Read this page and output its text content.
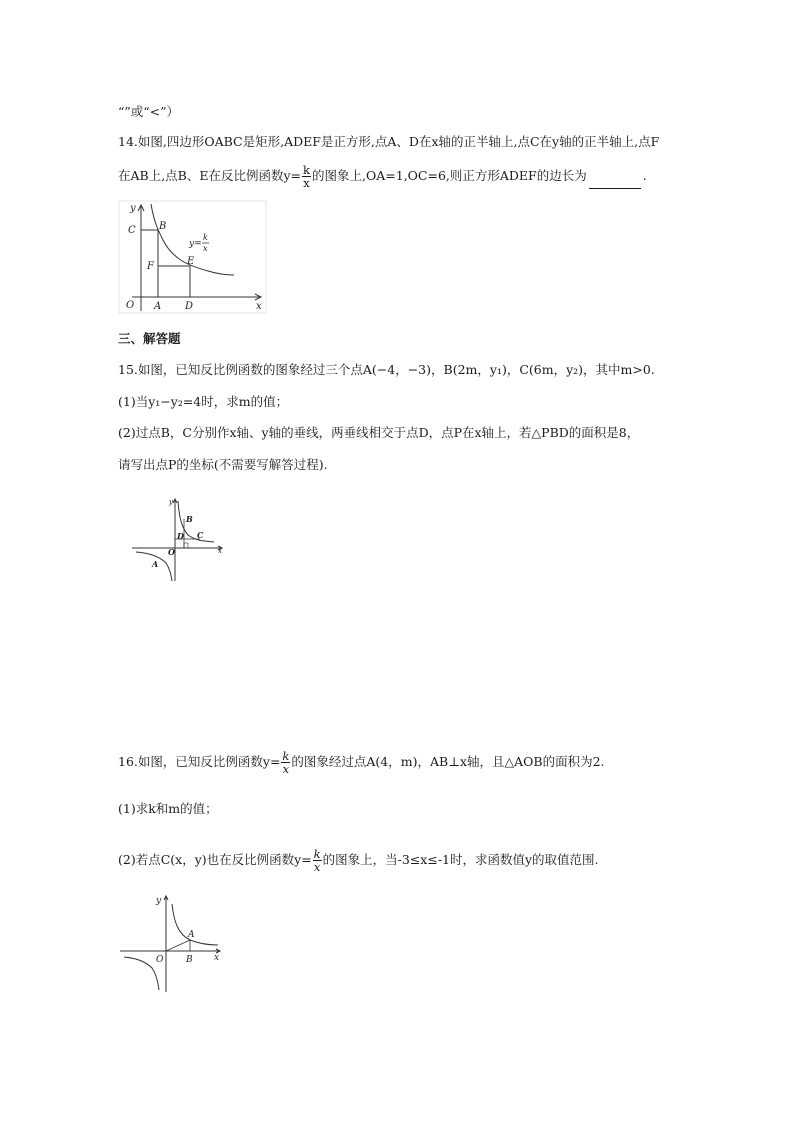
“”或“<”）
14.如图,四边形OABC是矩形,ADEF是正方形,点A、D在x轴的正半轴上,点C在y轴的正半轴上,点F
在AB上,点B、E在反比例函数$y= \frac{k}{x}$ 的图象上,OA=1,OC=6,则正方形ADEF的边长为	.
y
x
O
C B
F	E
A D
y=
k
x
三、解答题
15.如图，已知反比例函数的图象经过三个点A(−4，−3)，B(2m，y₁)，C(6m，y₂)，其中m>0.
(1)当y₁−y₂=4时，求m的值；
(2)过点B，C分别作x轴、y轴的垂线，两垂线相交于点D，点P在x轴上，若△PBD的面积是8，
请写出点P的坐标(不需要写解答过程).
y
x
O
A
B
C
D
16.如图，已知反比例函数$y= \frac{k}{x}$ 的图象经过点A(4，m)，AB⊥x轴，且△AOB的面积为2.
(1)求k和m的值；
(2)若点C(x，y)也在反比例函数$y= \frac{k}{x}$ 的图象上，当-3≤x≤-1时，求函数值y的取值范围.
y
x
O
A
B
